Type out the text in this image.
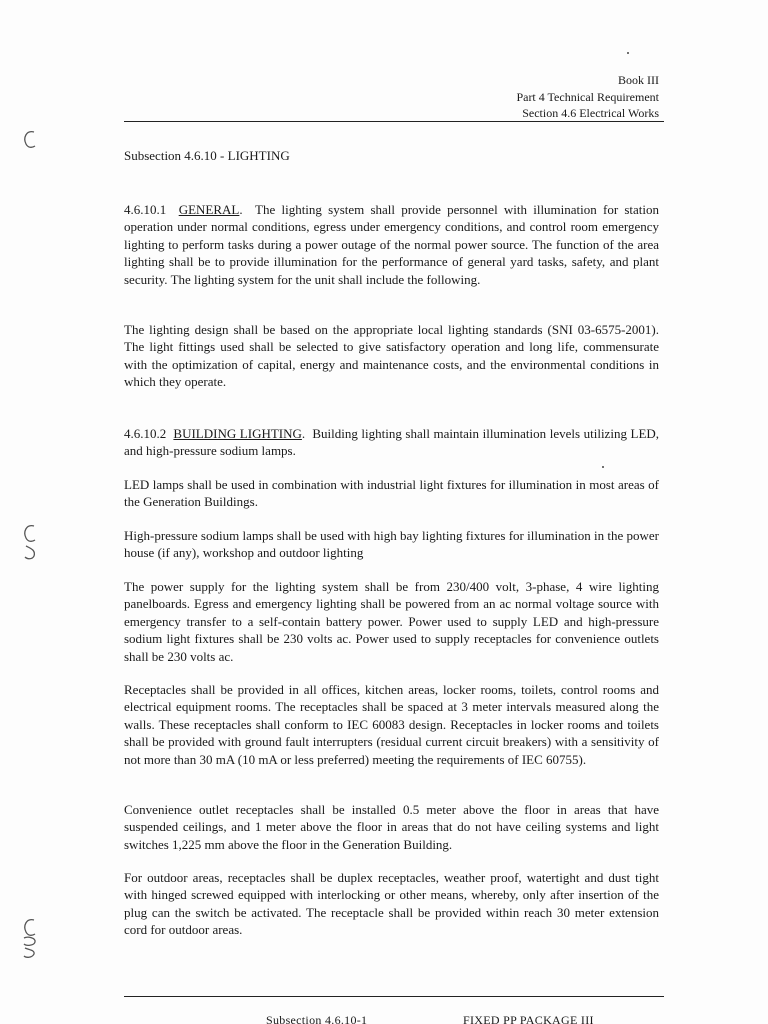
Book III
Part 4 Technical Requirement
Section 4.6 Electrical Works
Subsection 4.6.10 - LIGHTING

4.6.10.1 GENERAL.  The lighting system shall provide personnel with illumination for station operation under normal conditions, egress under emergency conditions, and control room emergency lighting to perform tasks during a power outage of the normal power source. The function of the area lighting shall be to provide illumination for the performance of general yard tasks, safety, and plant security. The lighting system for the unit shall include the following.

The lighting design shall be based on the appropriate local lighting standards (SNI 03-6575-2001). The light fittings used shall be selected to give satisfactory operation and long life, commensurate with the optimization of capital, energy and maintenance costs, and the environmental conditions in which they operate.

4.6.10.2 BUILDING LIGHTING.  Building lighting shall maintain illumination levels utilizing LED, and high-pressure sodium lamps.

LED lamps shall be used in combination with industrial light fixtures for illumination in most areas of the Generation Buildings.

High-pressure sodium lamps shall be used with high bay lighting fixtures for illumination in the power house (if any), workshop and outdoor lighting

The power supply for the lighting system shall be from 230/400 volt, 3-phase, 4 wire lighting panelboards. Egress and emergency lighting shall be powered from an ac normal voltage source with emergency transfer to a self-contain battery power. Power used to supply LED and high-pressure sodium light fixtures shall be 230 volts ac. Power used to supply receptacles for convenience outlets shall be 230 volts ac.

Receptacles shall be provided in all offices, kitchen areas, locker rooms, toilets, control rooms and electrical equipment rooms. The receptacles shall be spaced at 3 meter intervals measured along the walls. These receptacles shall conform to IEC 60083 design. Receptacles in locker rooms and toilets shall be provided with ground fault interrupters (residual current circuit breakers) with a sensitivity of not more than 30 mA (10 mA or less preferred) meeting the requirements of IEC 60755).

Convenience outlet receptacles shall be installed 0.5 meter above the floor in areas that have suspended ceilings, and 1 meter above the floor in areas that do not have ceiling systems and light switches 1,225 mm above the floor in the Generation Building.

For outdoor areas, receptacles shall be duplex receptacles, weather proof, watertight and dust tight with hinged screwed equipped with interlocking or other means, whereby, only after insertion of the plug can the switch be activated. The receptacle shall be provided within reach 30 meter extension cord for outdoor areas.

Subsection 4.6.10-1	FIXED PP PACKAGE III
